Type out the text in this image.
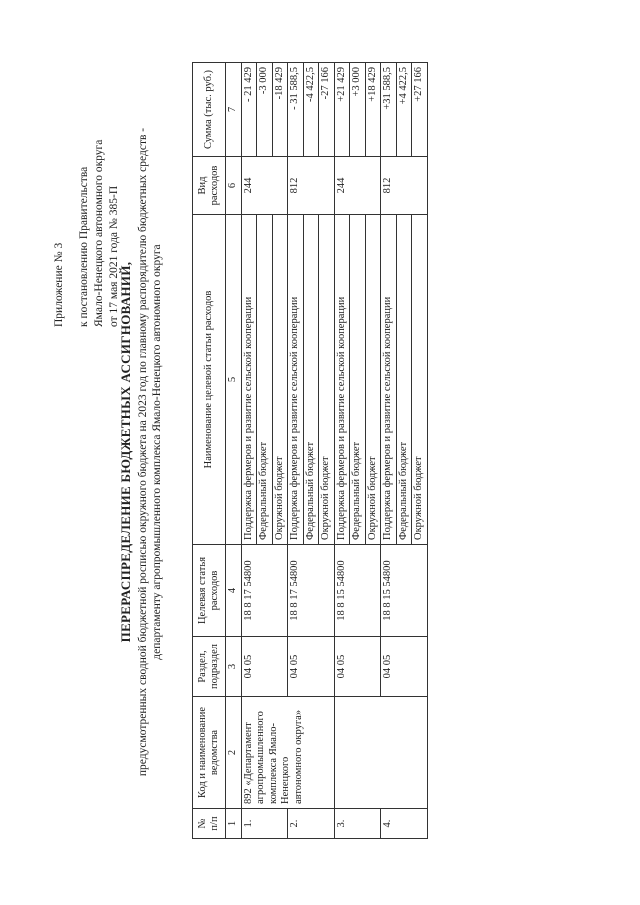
Приложение № 3 к постановлению Правительства Ямало-Ненецкого автономного округа от 17 мая 2021 года № 385-П
ПЕРЕРАСПРЕДЕЛЕНИЕ БЮДЖЕТНЫХ АССИГНОВАНИЙ, предусмотренных сводной бюджетной росписью окружного бюджета на 2023 год по главному распорядителю бюджетных средств - департаменту агропромышленного комплекса Ямало-Ненецкого автономного округа
№ п/п	Код и наименование ведомства	Раздел, подраздел	Целевая статья расходов	Наименование целевой статьи расходов	Вид расходов	Сумма (тыс. руб.)
1	2	3	4	5	6	7
1.	892 «Департамент агропромышленного комплекса Ямало-Ненецкого автономного округа»	04 05	18 8 17 54800	Поддержка фермеров и развитие сельской кооперации	244	- 21 429
				Федеральный бюджет		-3 000
				Окружной бюджет		-18 429
2.		04 05	18 8 17 54800	Поддержка фермеров и развитие сельской кооперации	812	- 31 588,5
				Федеральный бюджет		-4 422,5
				Окружной бюджет		-27 166
3.		04 05	18 8 15 54800	Поддержка фермеров и развитие сельской кооперации	244	+21 429
				Федеральный бюджет		+3 000
				Окружной бюджет		+18 429
4.		04 05	18 8 15 54800	Поддержка фермеров и развитие сельской кооперации	812	+31 588,5
				Федеральный бюджет		+4 422,5
				Окружной бюджет		+27 166
